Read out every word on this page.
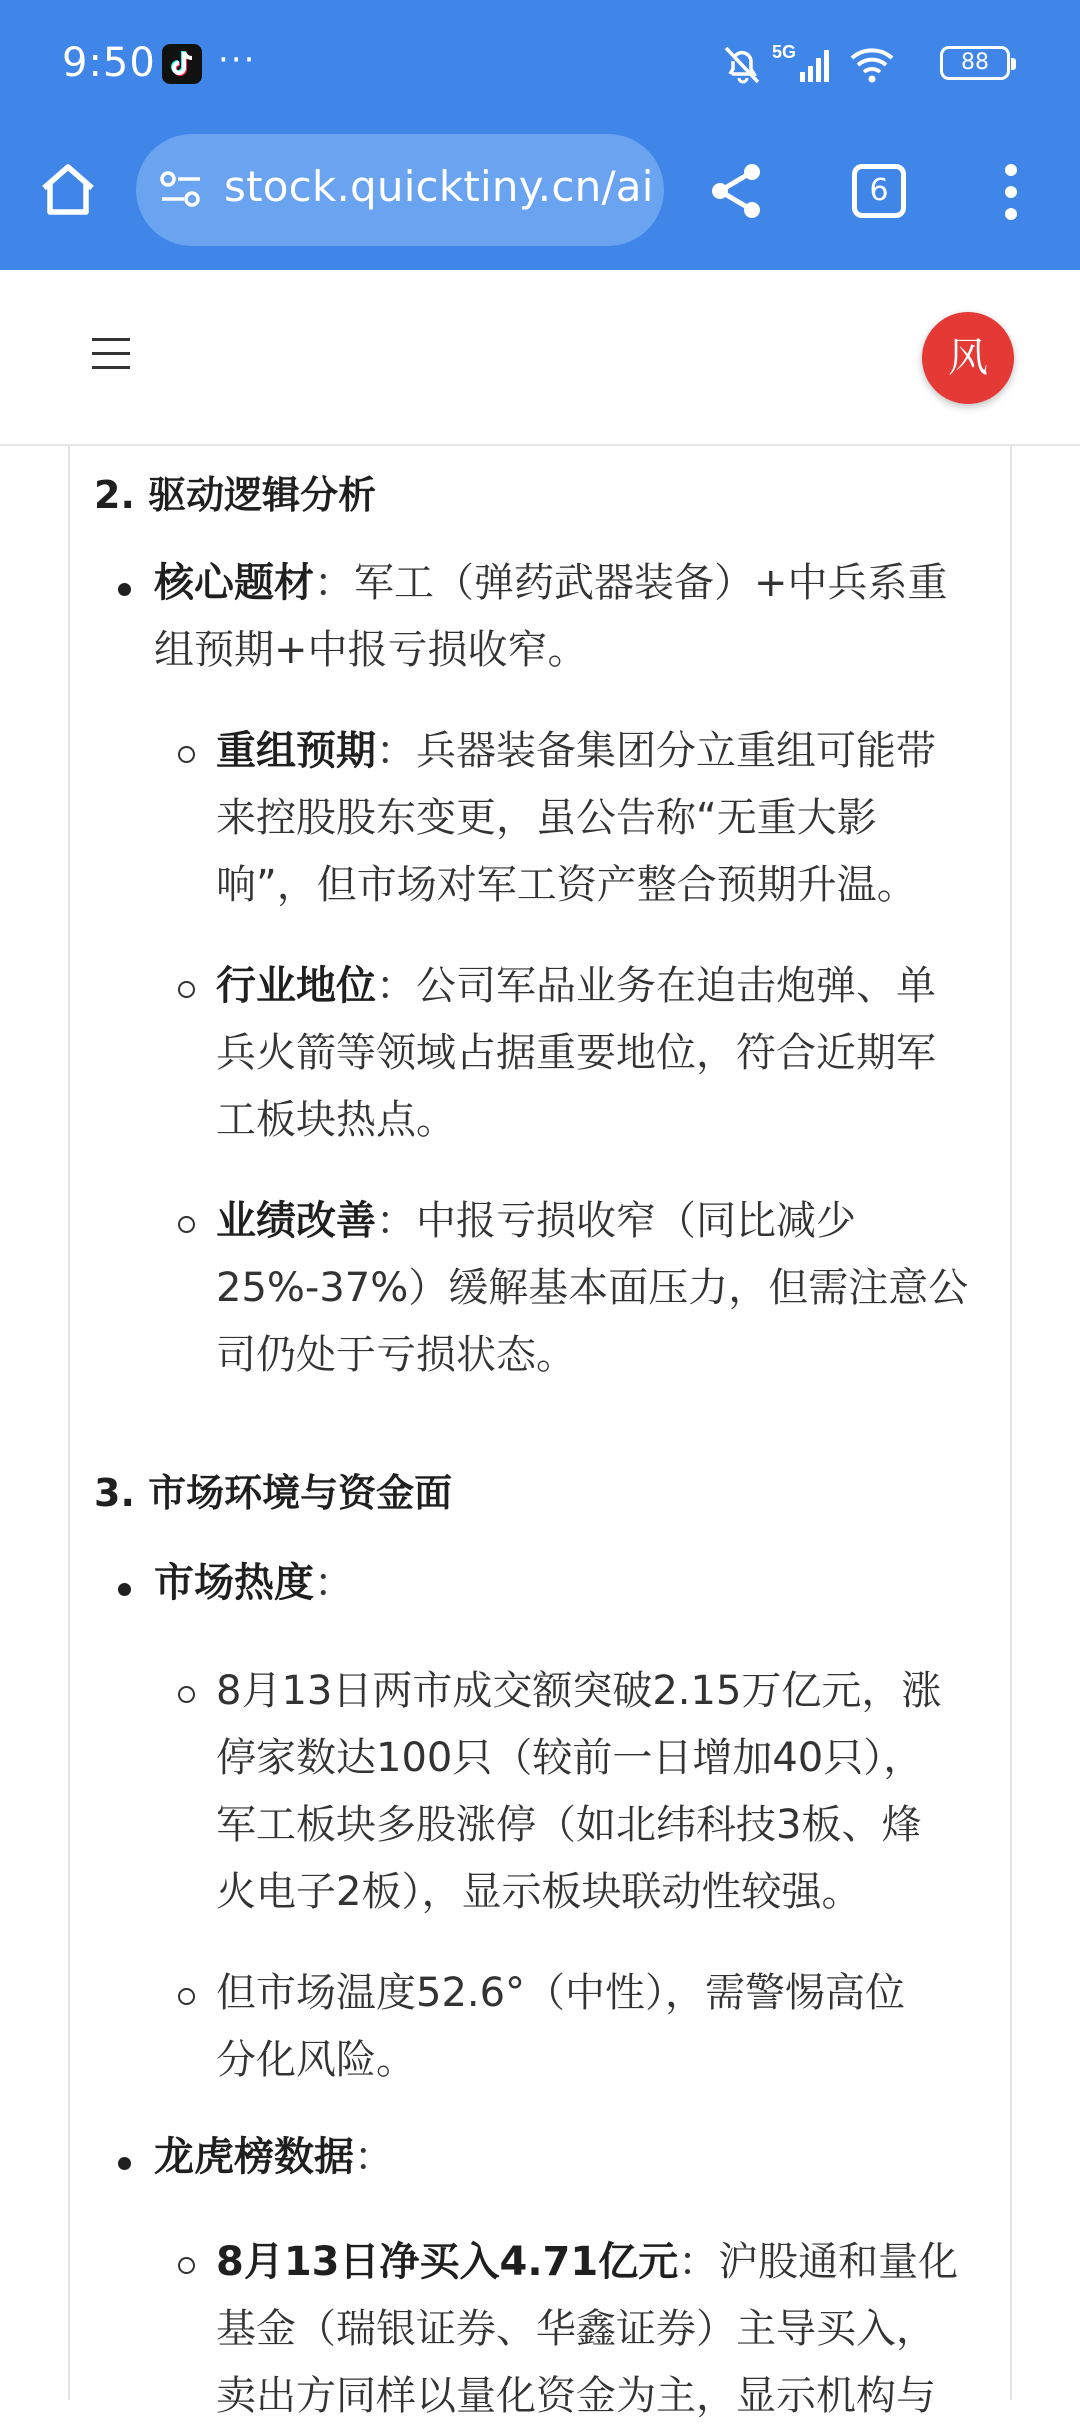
9:50 ···	5G	88
stock.quicktiny.cn/ai	6
风
2. 驱动逻辑分析
核心题材：军工（弹药武器装备）+中兵系重
组预期+中报亏损收窄。
重组预期：兵器装备集团分立重组可能带
来控股股东变更，虽公告称“无重大影
响”，但市场对军工资产整合预期升温。
行业地位：公司军品业务在迫击炮弹、单
兵火箭等领域占据重要地位，符合近期军
工板块热点。
业绩改善：中报亏损收窄（同比减少
25%-37%）缓解基本面压力，但需注意公
司仍处于亏损状态。
3. 市场环境与资金面
市场热度：
8月13日两市成交额突破2.15万亿元，涨
停家数达100只（较前一日增加40只），
军工板块多股涨停（如北纬科技3板、烽
火电子2板），显示板块联动性较强。
但市场温度52.6°（中性），需警惕高位
分化风险。
龙虎榜数据：
8月13日净买入4.71亿元：沪股通和量化
基金（瑞银证券、华鑫证券）主导买入，
卖出方同样以量化资金为主，显示机构与
